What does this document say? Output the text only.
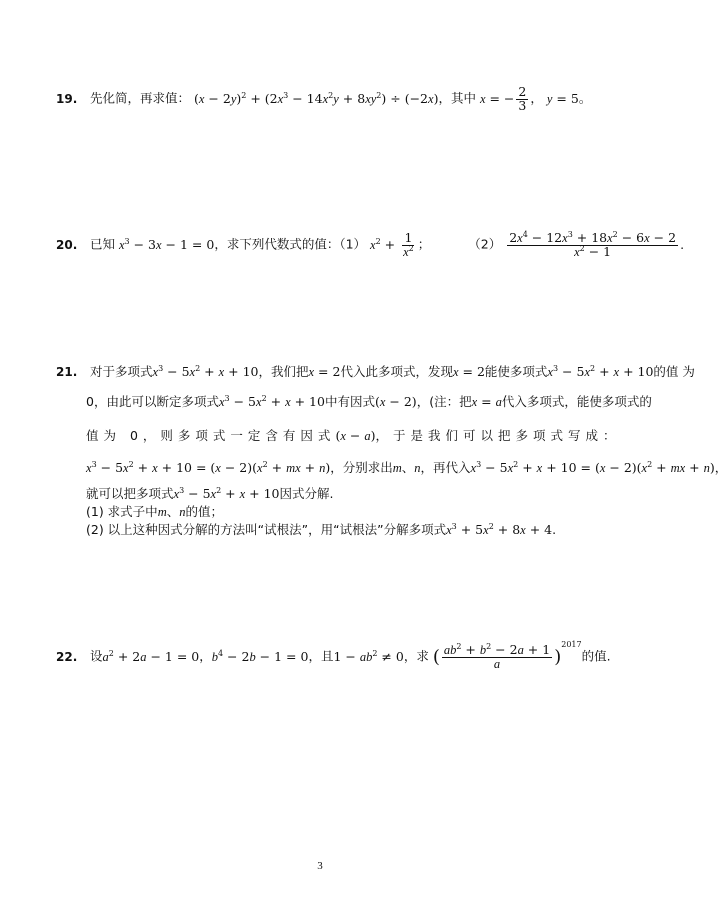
19. 先化简，再求值： $(x - 2y)^2 + (2x^3 - 14x^2y + 8xy^2) \div (-2x)$，其中 x = − $\frac{2}{3}$ ， y = 5。
20. 已知 $x^3 - 3x - 1 = 0$，求下列代数式的值：（1） $x^2 + \frac{1}{x^2}$ ；	$(2) \frac{2x^4 - 12x^3 + 18x^2 - 6x - 2}{x^2 - 1}$ .
21. 对于多项式$x^3 - 5x^2 + x + 10$，我们把x = 2代入此多项式，发现x = 2能使多项式$x^3 - 5x^2 + x + 10$的值 为
0，由此可以断定多项式$x^3 - 5x^2 + x + 10$中有因式(x − 2)，(注：把x = a代入多项式，能使多项式的
值为 0，则多项式一定含有因式(x − a)，于是我们可以把多项式写成：
$x^3 - 5x^2 + x + 10 = (x - 2)(x^2$ + mx + n)，分别求出m、n，再代入$x^3 - 5x^2 + x + 10 = (x - 2)(x^2$ + mx + n)，
就可以把多项式$x^3 - 5x^2 + x + 10$因式分解.
(1) 求式子中m、n的值；
(2) 以上这种因式分解的方法叫“试根法”，用“试根法”分解多项式$x^3 + 5x^2 + 8x + 4$.
22. 设$a^2 + 2a - 1 = 0$，$b^4 - 2b - 1 = 0$，且$1 - ab^2 \ne 0$，求 ( $\frac{ab^2 + b^2 - 2a + 1}{a} )^{2017}$的值.
3
